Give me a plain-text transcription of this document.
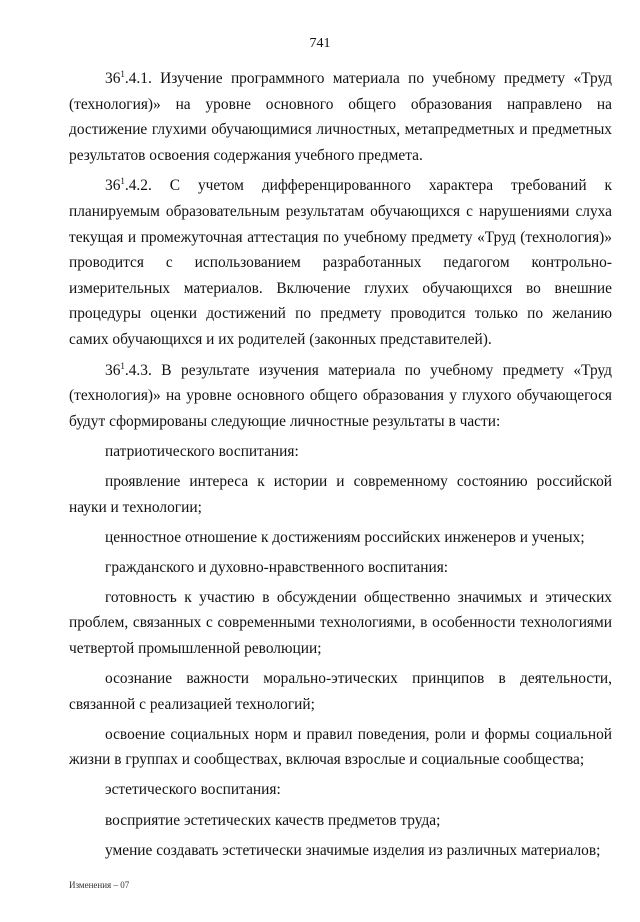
741

$36^1.4.1$. Изучение программного материала по учебному предмету «Труд (технология)» на уровне основного общего образования направлено на достижение глухими обучающимися личностных, метапредметных и предметных результатов освоения содержания учебного предмета.

$36^1.4.2$. С учетом дифференцированного характера требований к планируемым образовательным результатам обучающихся с нарушениями слуха текущая и промежуточная аттестация по учебному предмету «Труд (технология)» проводится с использованием разработанных педагогом контрольно-измерительных материалов. Включение глухих обучающихся во внешние процедуры оценки достижений по предмету проводится только по желанию самих обучающихся и их родителей (законных представителей).

$36^1.4.3$. В результате изучения материала по учебному предмету «Труд (технология)» на уровне основного общего образования у глухого обучающегося будут сформированы следующие личностные результаты в части:

патриотического воспитания:

проявление интереса к истории и современному состоянию российской науки и технологии;

ценностное отношение к достижениям российских инженеров и ученых;

гражданского и духовно-нравственного воспитания:

готовность к участию в обсуждении общественно значимых и этических проблем, связанных с современными технологиями, в особенности технологиями четвертой промышленной революции;

осознание важности морально-этических принципов в деятельности, связанной с реализацией технологий;

освоение социальных норм и правил поведения, роли и формы социальной жизни в группах и сообществах, включая взрослые и социальные сообщества;

эстетического воспитания:

восприятие эстетических качеств предметов труда;

умение создавать эстетически значимые изделия из различных материалов;

Изменения – 07
